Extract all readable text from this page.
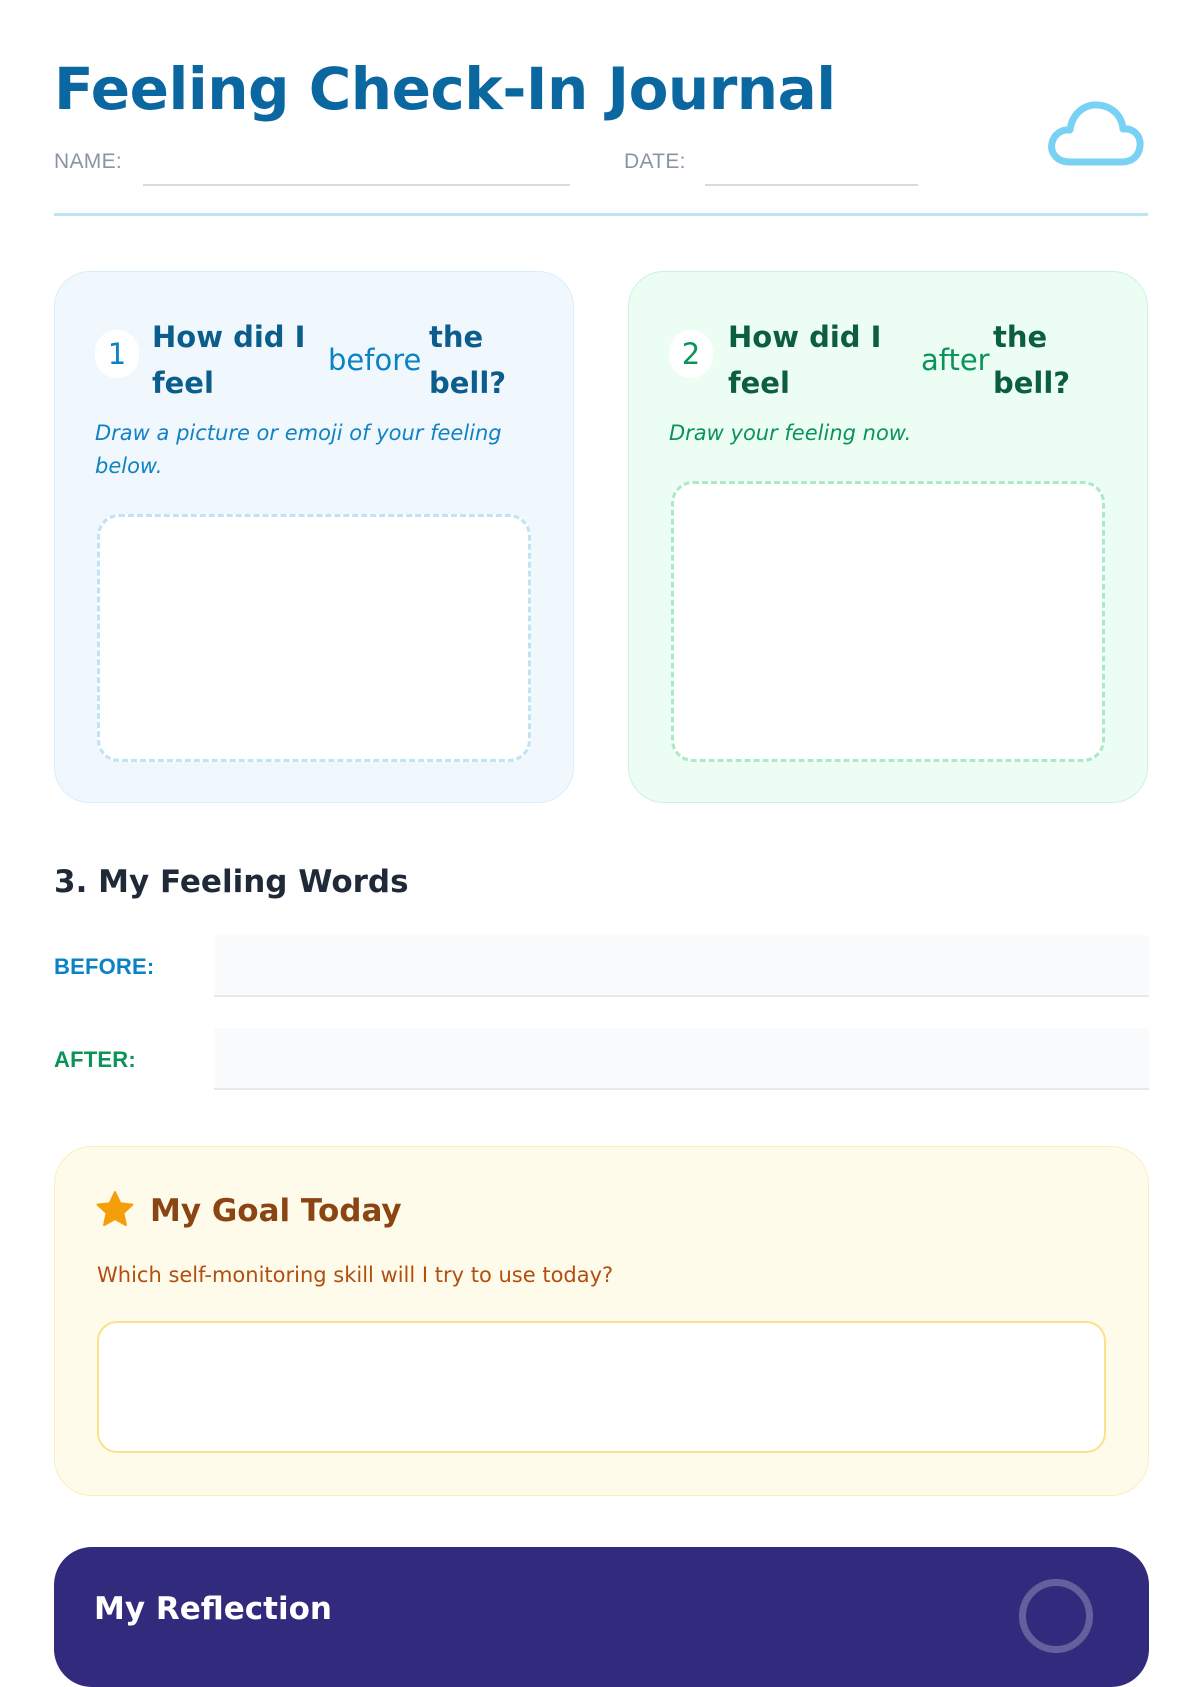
Feeling Check-In Journal
NAME:	DATE:
1 How did I
feel
before
the
bell?

Draw a picture or emoji of your feeling below.

2 How did I
feel
after
the
bell?

Draw your feeling now.

3. My Feeling Words
BEFORE:
AFTER:
My Goal Today
Which self-monitoring skill will I try to use today?
My Reflection
